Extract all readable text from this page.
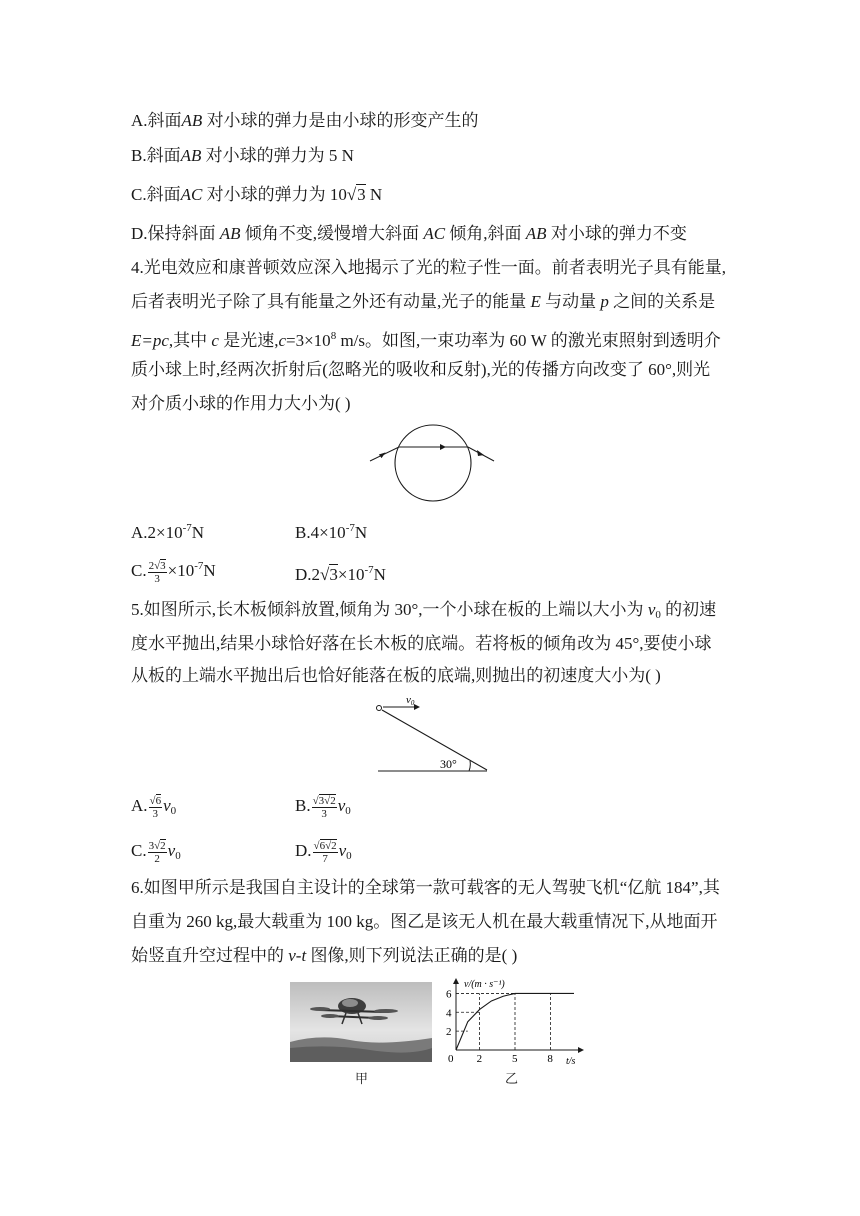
A.斜面AB 对小球的弹力是由小球的形变产生的
B.斜面AB 对小球的弹力为 5 N
C.斜面AC 对小球的弹力为 10√3 N
D.保持斜面 AB 倾角不变,缓慢增大斜面 AC 倾角,斜面 AB 对小球的弹力不变
4.光电效应和康普顿效应深入地揭示了光的粒子性一面。前者表明光子具有能量,
后者表明光子除了具有能量之外还有动量,光子的能量 E 与动量 p 之间的关系是
E=pc,其中 c 是光速$,c=3\times 10^8$ m/s。如图,一束功率为 60 W 的激光束照射到透明介
质小球上时,经两次折射后(忽略光的吸收和反射),光的传播方向改变了 60°,则光
对介质小球的作用力大小为( )
$A.2\times 10^{-7}N$	$B.4\times 10^{-7}N$
C. $\frac{2√3}{3} \times 10^{-7}N$	$D.2√3\times 10^{-7}N$
5.如图所示,长木板倾斜放置,倾角为 30°,一个小球在板的上端以大小为 $v_0$ 的初速
度水平抛出,结果小球恰好落在长木板的底端。若将板的倾角改为 45°,要使小球
从板的上端水平抛出后也恰好能落在板的底端,则抛出的初速度大小为( )
v0
30°
A. $\frac{√6}{3} v_0$	B. $\frac{√3√2}{3} v_0$
C. $\frac{3√2}{2} v_0$	D. $\frac{√6√2}{7} v_0$
6.如图甲所示是我国自主设计的全球第一款可载客的无人驾驶飞机“亿航 184”,其
自重为 260 kg,最大载重为 100 kg。图乙是该无人机在最大载重情况下,从地面开
始竖直升空过程中的 v-t 图像,则下列说法正确的是( )
甲
v/(m · s⁻¹)
t/s
0 2	5	8
2
4
6
乙
